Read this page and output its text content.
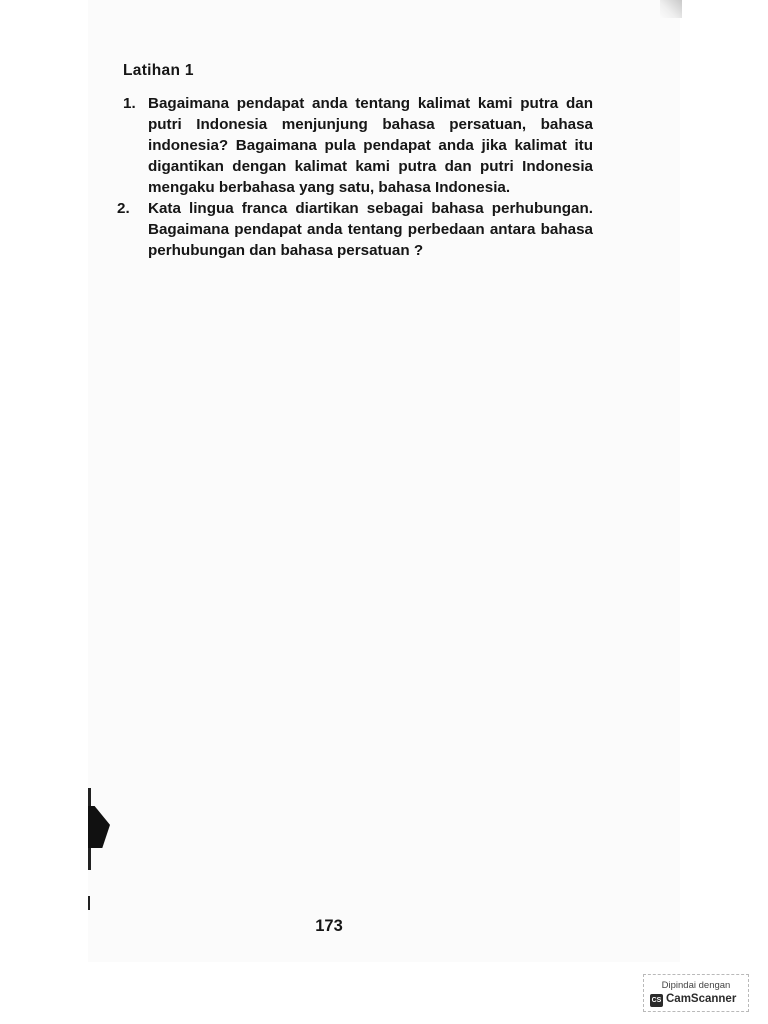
Latihan 1
1. Bagaimana pendapat anda tentang kalimat kami putra dan putri Indonesia menjunjung bahasa persatuan, bahasa indonesia? Bagaimana pula pendapat anda jika kalimat itu digantikan dengan kalimat kami putra dan putri Indonesia mengaku berbahasa yang satu, bahasa Indonesia.
2. Kata lingua franca diartikan sebagai bahasa perhubungan. Bagaimana pendapat anda tentang perbedaan antara bahasa perhubungan dan bahasa persatuan ?
173
Dipindai dengan
CS CamScanner
